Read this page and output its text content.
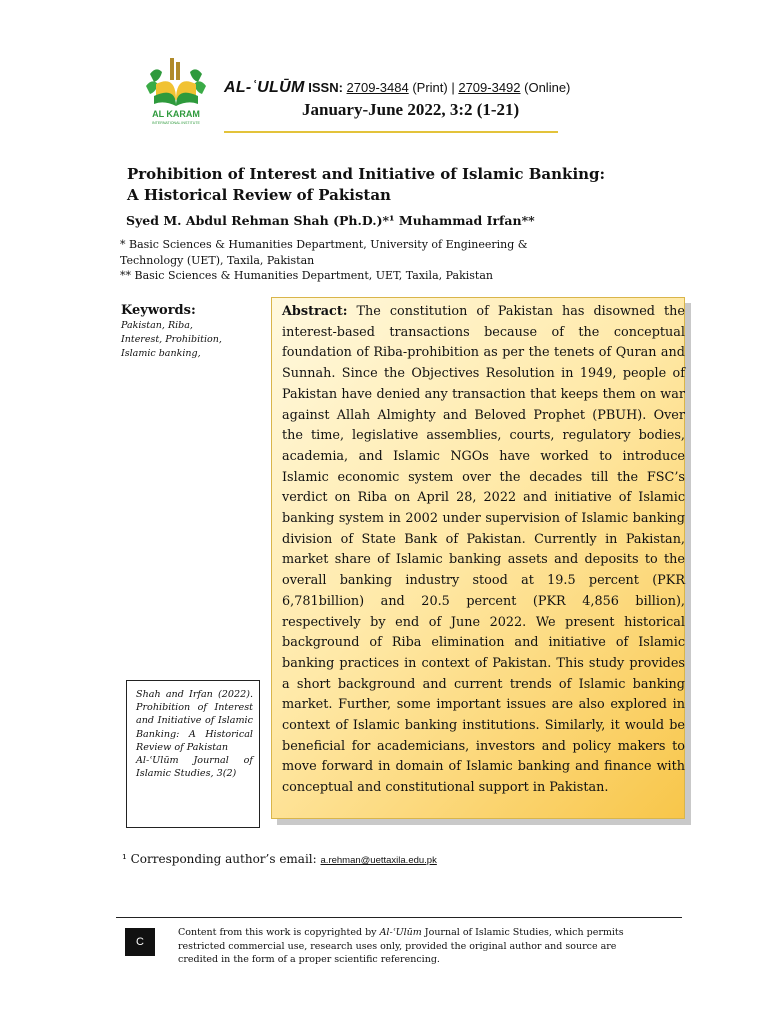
AL KARAM
INTERNATIONAL INSTITUTE
AL-ʿULŪM ISSN: 2709-3484 (Print) | 2709-3492 (Online)
January-June 2022, 3:2 (1-21)
Prohibition of Interest and Initiative of Islamic Banking:
A Historical Review of Pakistan
Syed M. Abdul Rehman Shah (Ph.D.)*¹ Muhammad Irfan**
* Basic Sciences & Humanities Department, University of Engineering &
Technology (UET), Taxila, Pakistan
** Basic Sciences & Humanities Department, UET, Taxila, Pakistan
Keywords:
Pakistan, Riba,
Interest, Prohibition,
Islamic banking,
Abstract: The constitution of Pakistan has disowned the interest-based transactions because of the conceptual foundation of Riba-prohibition as per the tenets of Quran and Sunnah. Since the Objectives Resolution in 1949, people of Pakistan have denied any transaction that keeps them on war against Allah Almighty and Beloved Prophet (PBUH). Over the time, legislative assemblies, courts, regulatory bodies, academia, and Islamic NGOs have worked to introduce Islamic economic system over the decades till the FSC’s verdict on Riba on April 28, 2022 and initiative of Islamic banking system in 2002 under supervision of Islamic banking division of State Bank of Pakistan. Currently in Pakistan, market share of Islamic banking assets and deposits to the overall banking industry stood at 19.5 percent (PKR 6,781billion) and 20.5 percent (PKR 4,856 billion), respectively by end of June 2022. We present historical background of Riba elimination and initiative of Islamic banking practices in context of Pakistan. This study provides a short background and current trends of Islamic banking market. Further, some important issues are also explored in context of Islamic banking institutions. Similarly, it would be beneficial for academicians, investors and policy makers to move forward in domain of Islamic banking and finance with conceptual and constitutional support in Pakistan.
Shah and Irfan (2022). Prohibition of Interest and Initiative of Islamic Banking: A Historical Review of Pakistan
Al-ʿUlūm Journal of Islamic Studies, 3(2)
¹ Corresponding author’s email: a.rehman@uettaxila.edu.pk
C
Content from this work is copyrighted by Al-ʿUlūm Journal of Islamic Studies, which permits restricted commercial use, research uses only, provided the original author and source are credited in the form of a proper scientific referencing.
